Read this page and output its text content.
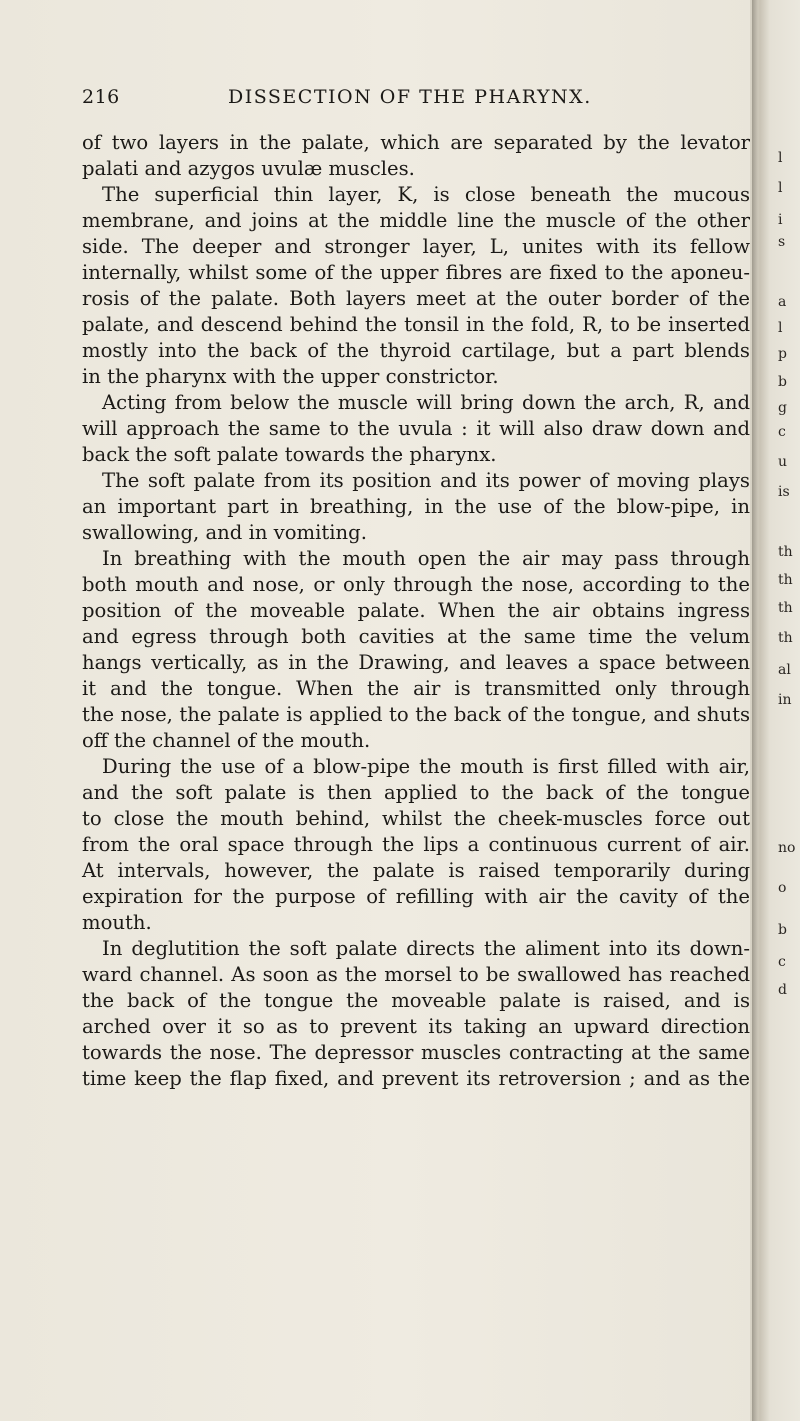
216	DISSECTION OF THE PHARYNX.
of two layers in the palate, which are separated by the levator
palati and azygos uvulæ muscles.
The superficial thin layer, K, is close beneath the mucous
membrane, and joins at the middle line the muscle of the other
side. The deeper and stronger layer, L, unites with its fellow
internally, whilst some of the upper fibres are fixed to the aponeu-
rosis of the palate. Both layers meet at the outer border of the
palate, and descend behind the tonsil in the fold, R, to be inserted
mostly into the back of the thyroid cartilage, but a part blends
in the pharynx with the upper constrictor.
Acting from below the muscle will bring down the arch, R, and
will approach the same to the uvula : it will also draw down and
back the soft palate towards the pharynx.
The soft palate from its position and its power of moving plays
an important part in breathing, in the use of the blow-pipe, in
swallowing, and in vomiting.
In breathing with the mouth open the air may pass through
both mouth and nose, or only through the nose, according to the
position of the moveable palate. When the air obtains ingress
and egress through both cavities at the same time the velum
hangs vertically, as in the Drawing, and leaves a space between
it and the tongue. When the air is transmitted only through
the nose, the palate is applied to the back of the tongue, and shuts
off the channel of the mouth.
During the use of a blow-pipe the mouth is first filled with air,
and the soft palate is then applied to the back of the tongue
to close the mouth behind, whilst the cheek-muscles force out
from the oral space through the lips a continuous current of air.
At intervals, however, the palate is raised temporarily during
expiration for the purpose of refilling with air the cavity of the
mouth.
In deglutition the soft palate directs the aliment into its down-
ward channel. As soon as the morsel to be swallowed has reached
the back of the tongue the moveable palate is raised, and is
arched over it so as to prevent its taking an upward direction
towards the nose. The depressor muscles contracting at the same
time keep the flap fixed, and prevent its retroversion ; and as the
l
l
i
s
a
l
p
b
g
c
u
is
th
th
th
th
al
in
no
o
b
c
d
